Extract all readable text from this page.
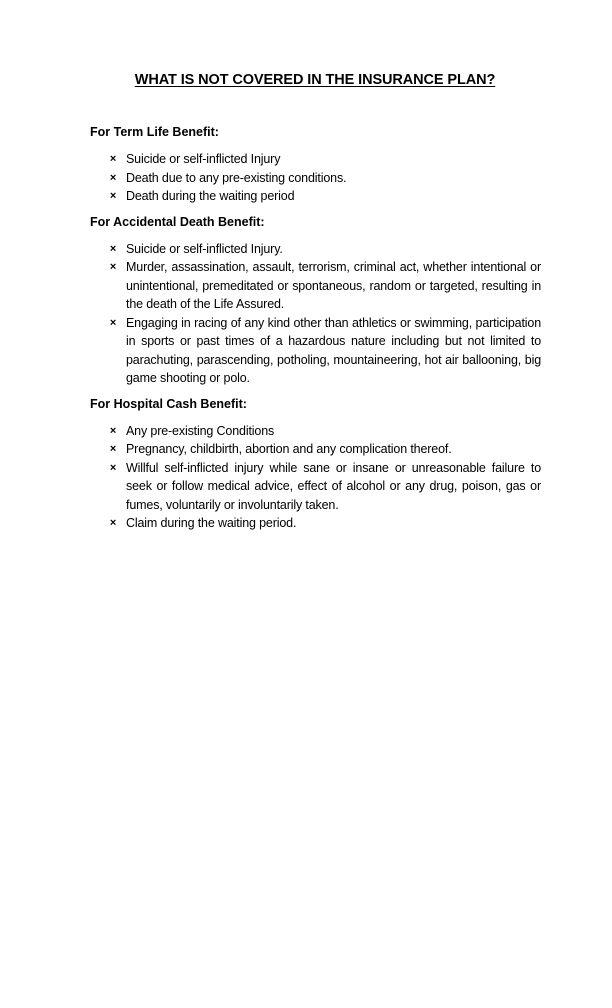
WHAT IS NOT COVERED IN THE INSURANCE PLAN?
For Term Life Benefit:
× Suicide or self-inflicted Injury
× Death due to any pre-existing conditions.
× Death during the waiting period
For Accidental Death Benefit:
× Suicide or self-inflicted Injury.
× Murder, assassination, assault, terrorism, criminal act, whether intentional or unintentional, premeditated or spontaneous, random or targeted, resulting in the death of the Life Assured.
× Engaging in racing of any kind other than athletics or swimming, participation in sports or past times of a hazardous nature including but not limited to parachuting, parascending, potholing, mountaineering, hot air ballooning, big game shooting or polo.
For Hospital Cash Benefit:
× Any pre-existing Conditions
× Pregnancy, childbirth, abortion and any complication thereof.
× Willful self-inflicted injury while sane or insane or unreasonable failure to seek or follow medical advice, effect of alcohol or any drug, poison, gas or fumes, voluntarily or involuntarily taken.
× Claim during the waiting period.
